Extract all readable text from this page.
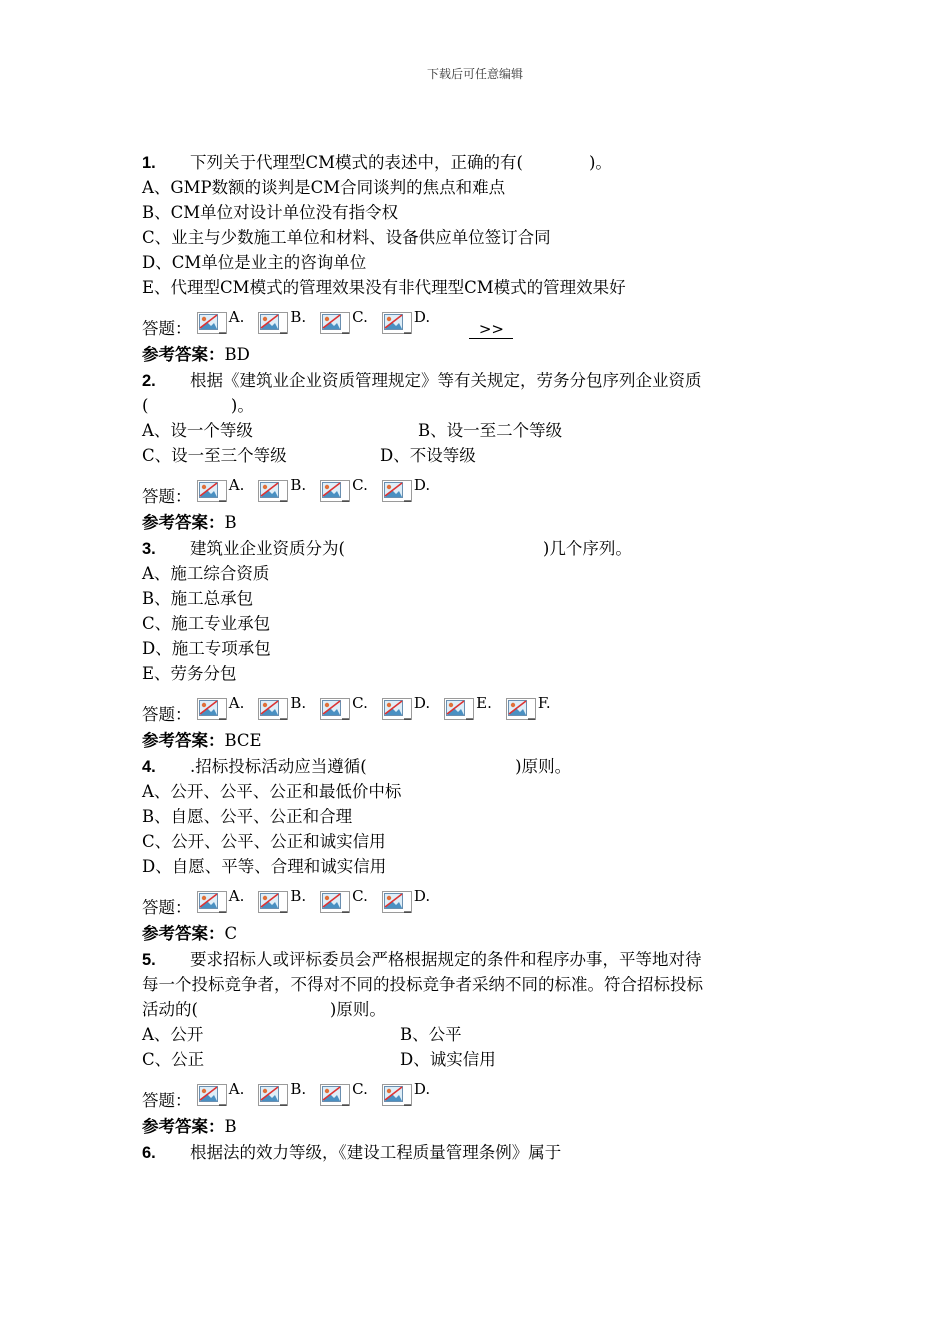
下载后可任意编辑
1. 下列关于代理型CM模式的表述中，正确的有(　　　　)。
A、GMP数额的谈判是CM合同谈判的焦点和难点
B、CM单位对设计单位没有指令权
C、业主与少数施工单位和材料、设备供应单位签订合同
D、CM单位是业主的咨询单位
E、代理型CM模式的管理效果没有非代理型CM模式的管理效果好
答题：
A.	B.	C.	D.
>>
参考答案：BD
2. 根据《建筑业企业资质管理规定》等有关规定，劳务分包序列企业资质
(　　　　　)。
A、设一个等级	B、设一至二个等级
C、设一至三个等级	D、不设等级
答题：
A.	B.	C.	D.
参考答案：B
3. 建筑业企业资质分为(　　　　　　　　　　　　)几个序列。
A、施工综合资质
B、施工总承包
C、施工专业承包
D、施工专项承包
E、劳务分包
答题：
A.	B.	C.	D.	E.	F.
参考答案：BCE
4. .招标投标活动应当遵循(　　　　　　　　　)原则。
A、公开、公平、公正和最低价中标
B、自愿、公平、公正和合理
C、公开、公平、公正和诚实信用
D、自愿、平等、合理和诚实信用
答题：
A.	B.	C.	D.
参考答案：C
5. 要求招标人或评标委员会严格根据规定的条件和程序办事，平等地对待
每一个投标竞争者，不得对不同的投标竞争者采纳不同的标准。符合招标投标
活动的(　　　　　　　　)原则。
A、公开	B、公平
C、公正	D、诚实信用
答题：
A.	B.	C.	D.
参考答案：B
6. 根据法的效力等级，《建设工程质量管理条例》属于
